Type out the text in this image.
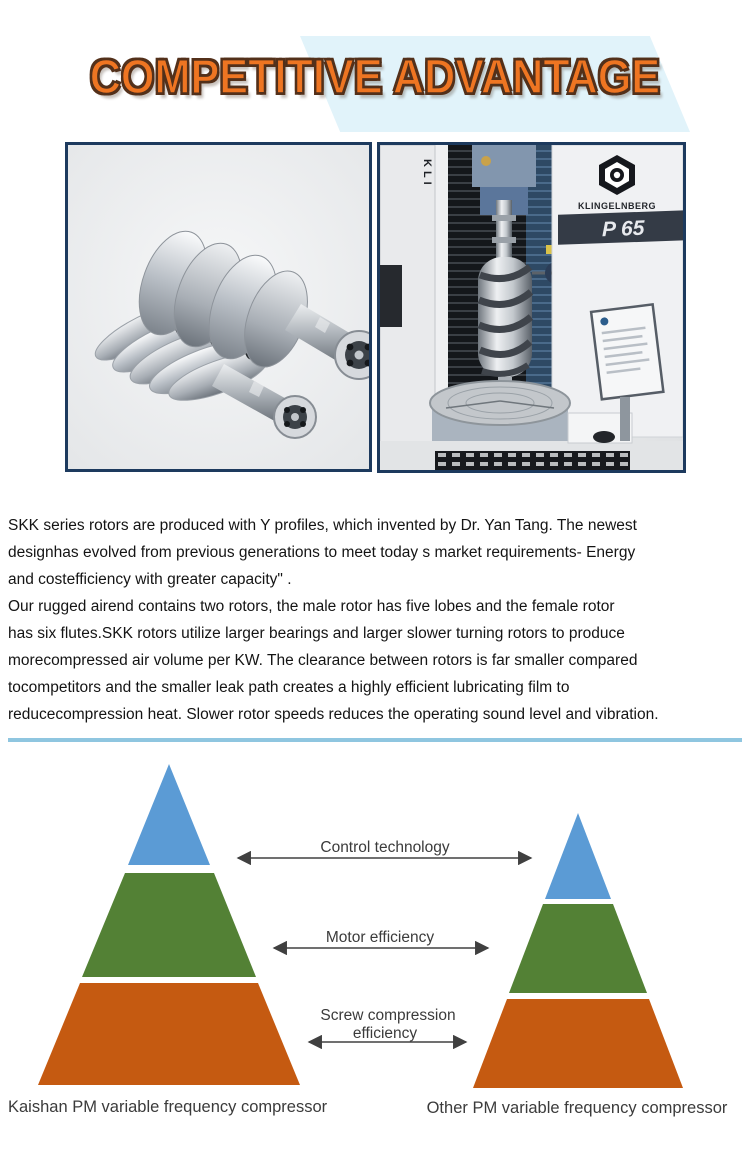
COMPETITIVE ADVANTAGE
KLI
KLINGELNBERG
P 65
SKK series rotors are produced with Y profiles, which invented by Dr. Yan Tang. The newest
designhas evolved from previous generations to meet today s market requirements- Energy
and costefficiency with greater capacity" .
Our rugged airend contains two rotors, the male rotor has five lobes and the female rotor
has six flutes.SKK rotors utilize larger bearings and larger slower turning rotors to produce
morecompressed air volume per KW. The clearance between rotors is far smaller compared
tocompetitors and the smaller leak path creates a highly efficient lubricating film to
reducecompression heat. Slower rotor speeds reduces the operating sound level and vibration.
Control technology
Motor efficiency
Screw compression
efficiency
Kaishan PM variable frequency compressor	Other PM variable frequency compressor
